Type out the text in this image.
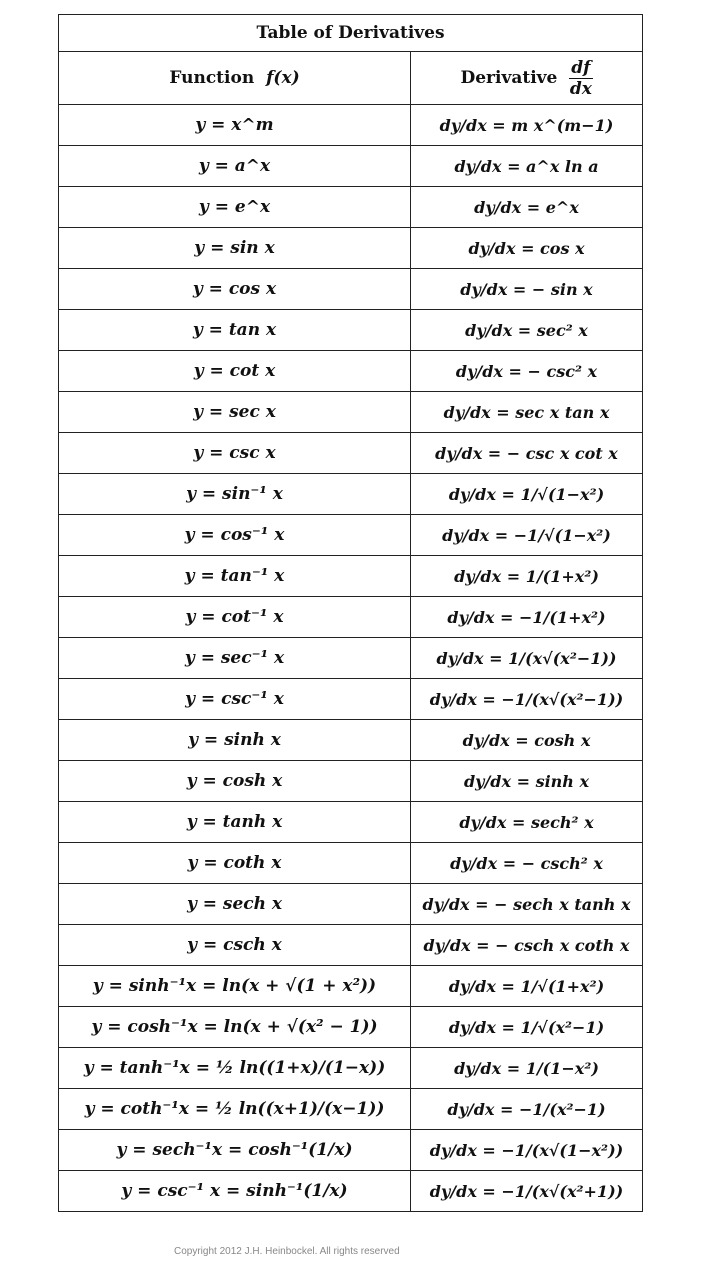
Table of Derivatives	
Function f(x)	Derivative $\frac{df}{dx}$

y = x^m	dy/dx = m x^(m−1)
y = a^x	dy/dx = a^x ln a
y = e^x	dy/dx = e^x
y = sin x	dy/dx = cos x
y = cos x	dy/dx = − sin x
y = tan x	dy/dx = sec² x
y = cot x	dy/dx = − csc² x
y = sec x	dy/dx = sec x tan x
y = csc x	dy/dx = − csc x cot x
y = sin⁻¹ x	dy/dx = 1/√(1−x²)
y = cos⁻¹ x	dy/dx = −1/√(1−x²)
y = tan⁻¹ x	dy/dx = 1/(1+x²)
y = cot⁻¹ x	dy/dx = −1/(1+x²)
y = sec⁻¹ x	dy/dx = 1/(x√(x²−1))
y = csc⁻¹ x	dy/dx = −1/(x√(x²−1))
y = sinh x	dy/dx = cosh x
y = cosh x	dy/dx = sinh x
y = tanh x	dy/dx = sech² x
y = coth x	dy/dx = − csch² x
y = sech x	dy/dx = − sech x tanh x
y = csch x	dy/dx = − csch x coth x
y = sinh⁻¹x = ln(x + √(1 + x²))	dy/dx = 1/√(1+x²)
y = cosh⁻¹x = ln(x + √(x² − 1))	dy/dx = 1/√(x²−1)
y = tanh⁻¹x = ½ ln((1+x)/(1−x))	dy/dx = 1/(1−x²)
y = coth⁻¹x = ½ ln((x+1)/(x−1))	dy/dx = −1/(x²−1)
y = sech⁻¹x = cosh⁻¹(1/x)	dy/dx = −1/(x√(1−x²))
y = csc⁻¹ x = sinh⁻¹(1/x)	dy/dx = −1/(x√(x²+1))
Copyright 2012 J.H. Heinbockel. All rights reserved
